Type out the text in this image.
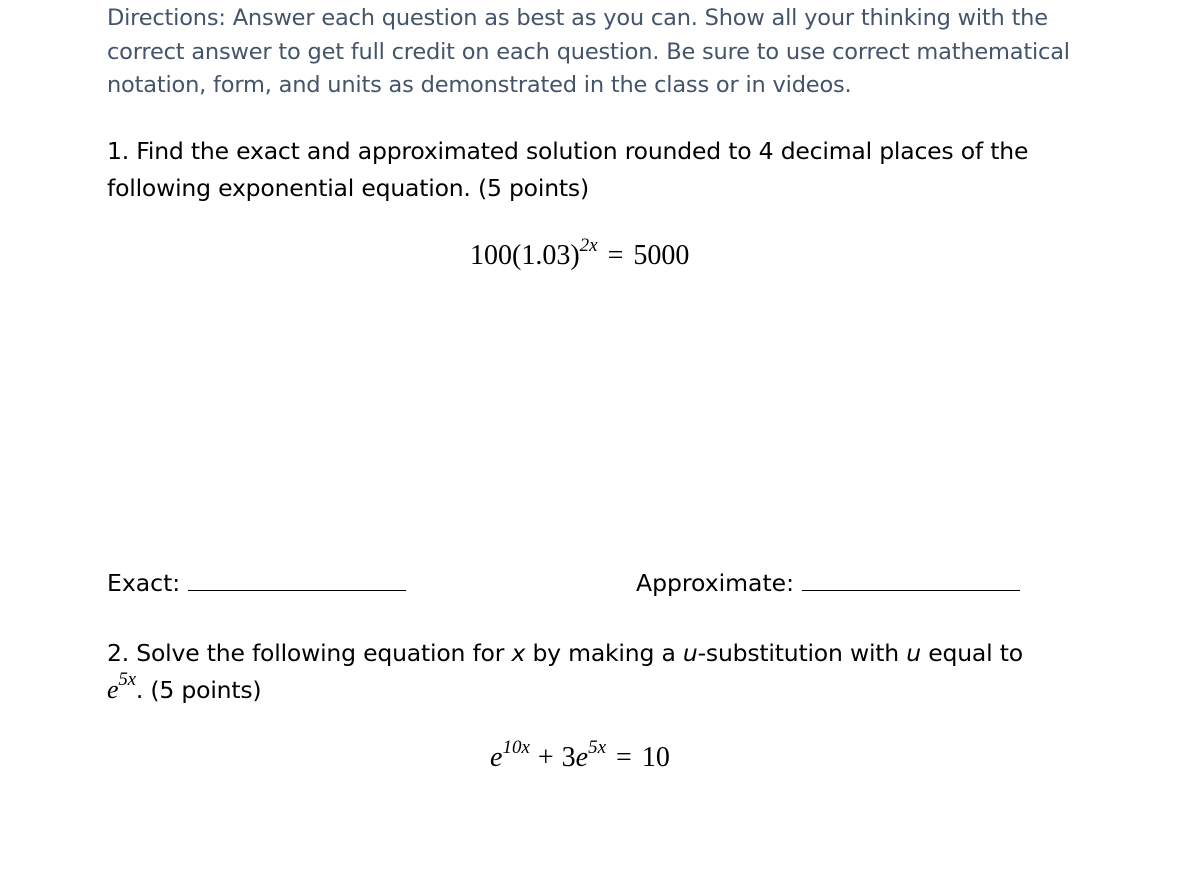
Directions: Answer each question as best as you can. Show all your thinking with the
correct answer to get full credit on each question. Be sure to use correct mathematical
notation, form, and units as demonstrated in the class or in videos.
1. Find the exact and approximated solution rounded to 4 decimal places of the
following exponential equation. (5 points)
$100(1.03)^{2x} = 5000$
Exact:	Approximate:
2. Solve the following equation for x by making a u-substitution with u equal to
$e^{5x}$. (5 points)
$e^{10x} + 3e^{5x} = 10$
